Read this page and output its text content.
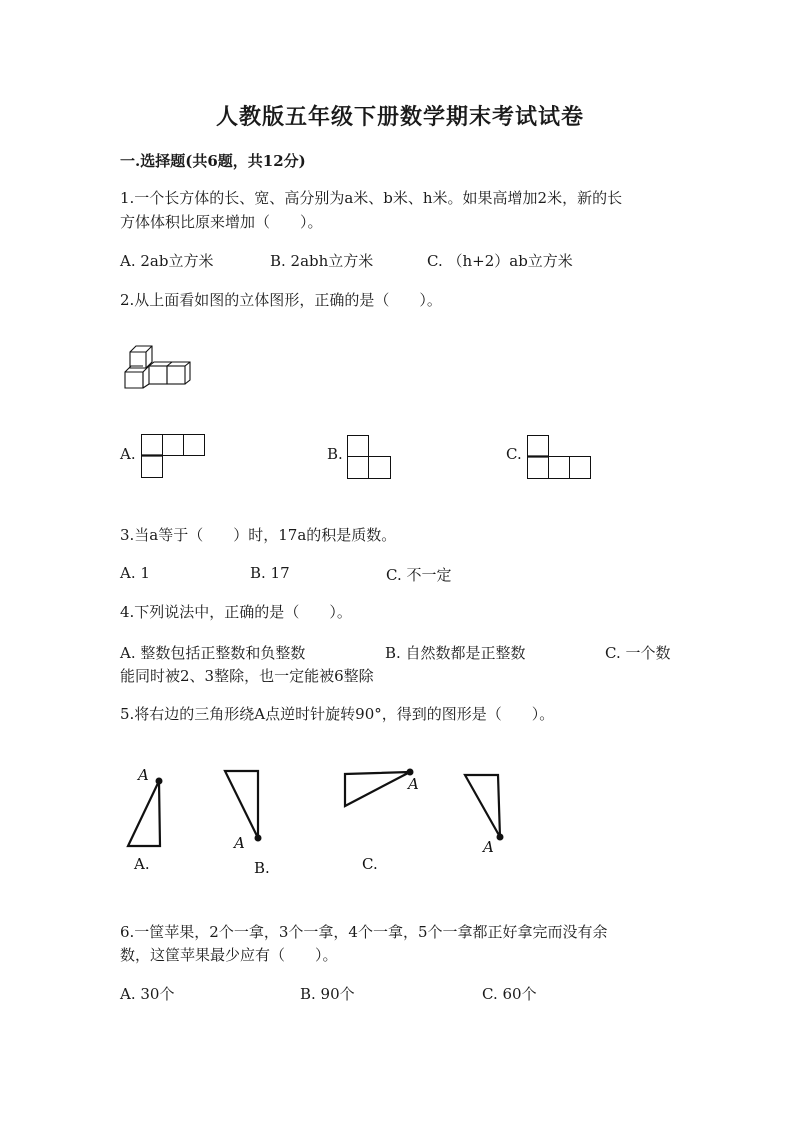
人教版五年级下册数学期末考试试卷
一.选择题(共6题，共12分)
1.一个长方体的长、宽、高分别为a米、b米、h米。如果高增加2米，新的长
方体体积比原来增加（　　）。
A. 2ab立方米	B. 2abh立方米	C. （h+2）ab立方米
2.从上面看如图的立体图形，正确的是（　　）。
A.	B.	C.
3.当a等于（　　）时，17a的积是质数。
A. 1	B. 17	C. 不一定
4.下列说法中，正确的是（　　）。
A. 整数包括正整数和负整数	B. 自然数都是正整数	C. 一个数
能同时被2、3整除，也一定能被6整除
5.将右边的三角形绕A点逆时针旋转90°，得到的图形是（　　）。
A
A.
A
B.
A
C.
A
6.一筐苹果，2个一拿，3个一拿，4个一拿，5个一拿都正好拿完而没有余
数，这筐苹果最少应有（　　）。
A. 30个	B. 90个	C. 60个
